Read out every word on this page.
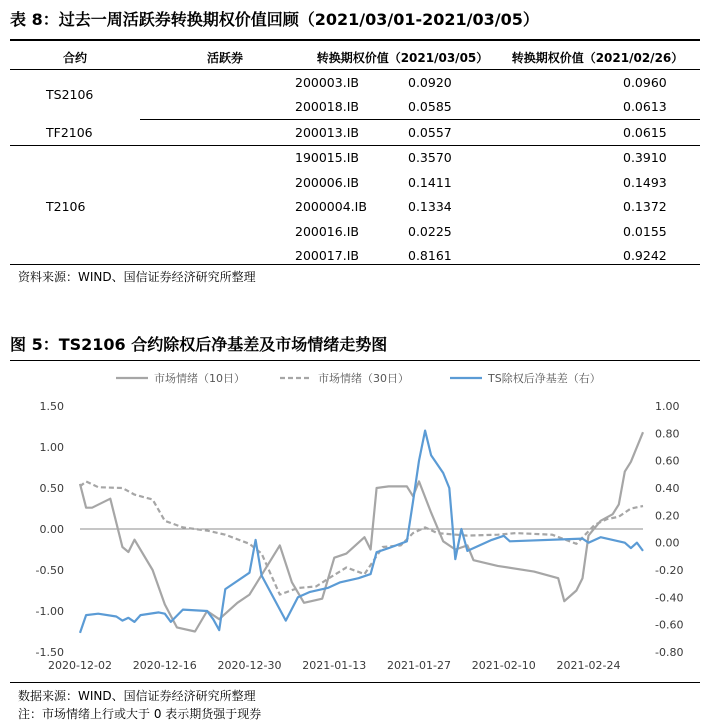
表 8：过去一周活跃券转换期权价值回顾（2021/03/01-2021/03/05）
合约	活跃券	转换期权价值（2021/03/05）	转换期权价值（2021/02/26）
TS2106	200003.IB	0.0920	0.0960
	200018.IB	0.0585	0.0613
TF2106	200013.IB	0.0557	0.0615
T2106	190015.IB	0.3570	0.3910
	200006.IB	0.1411	0.1493
	2000004.IB	0.1334	0.1372
	200016.IB	0.0225	0.0155
	200017.IB	0.8161	0.9242
资料来源：WIND、国信证券经济研究所整理
图 5：TS2106 合约除权后净基差及市场情绪走势图
1.50
1.00
0.50
0.00
-0.50
-1.00
-1.50
1.00
0.80
0.60
0.40
0.20
0.00
-0.20
-0.40
-0.60
-0.80
2020-12-02 2020-12-16 2020-12-30 2021-01-13 2021-01-27 2021-02-10 2021-02-24
市场情绪（10日）	市场情绪（30日）	TS除权后净基差（右）
数据来源：WIND、国信证券经济研究所整理
注：市场情绪上行或大于 0 表示期货强于现券
